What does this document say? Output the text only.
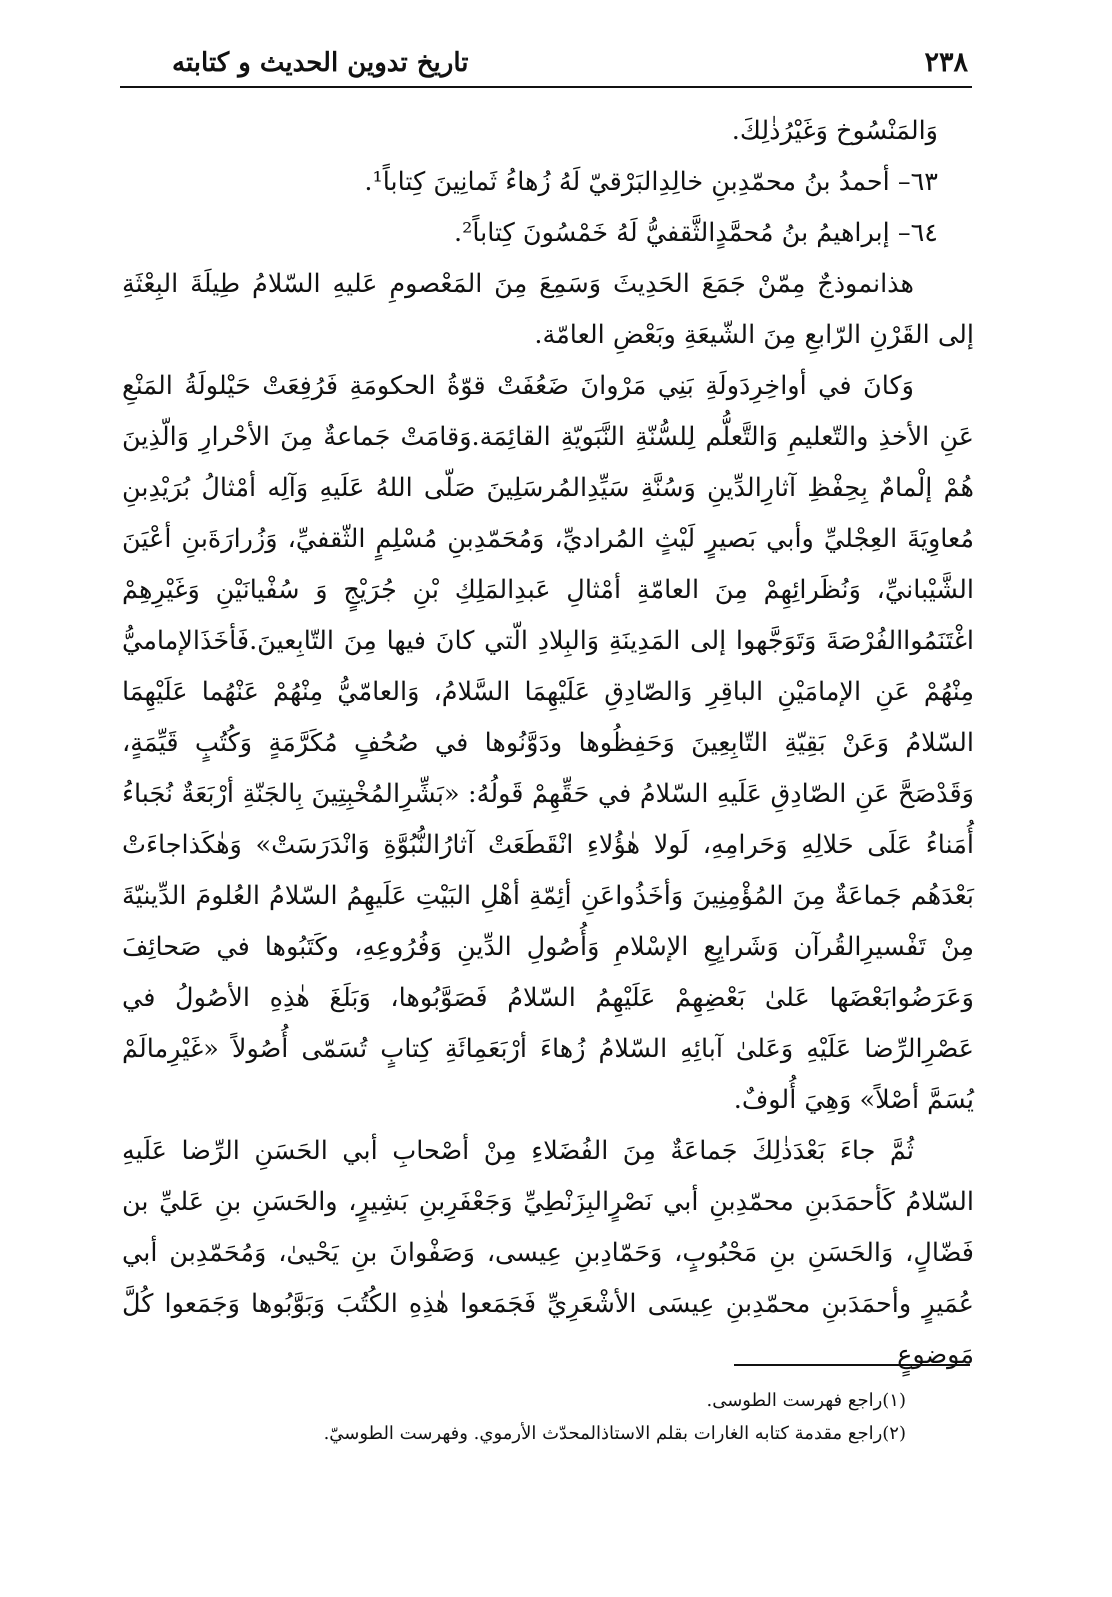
٢٣٨
تاريخ تدوين الحديث و كتابته

وَالمَنْسُوخ وَغَيْرُذٰلِكَ.

٦٣– أحمدُ بنُ محمّدِبنِ خالِدِالبَرْقيّ لَهُ زُهاءُ ثَمانِينَ كِتاباً¹.

٦٤– إبراهيمُ بنُ مُحمَّدٍالثَّقفيُّ لَهُ خَمْسُونَ كِتاباً².

هذانموذجٌ مِمّنْ جَمَعَ الحَدِيثَ وَسَمِعَ مِنَ المَعْصومِ عَليهِ السّلامُ طِيلَةَ البِعْثَةِ إلى القَرْنِ الرّابعِ مِنَ الشّيعَةِ وبَعْضِ العامّة.

وَكانَ في أواخِرِدَولَةِ بَنِي مَرْوانَ ضَعُفَتْ قوّةُ الحكومَةِ فَرُفِعَتْ حَيْلولَةُ المَنْعِ عَنِ الأخذِ والتّعليمِ وَالتَّعلُّم لِلسُّنّةِ النَّبَويّةِ القائِمَة.وَقامَتْ جَماعةٌ مِنَ الأحْرارِ وَالّذِينَ هُمْ إلْمامٌ بِحِفْظِ آثارِالدِّينِ وَسُنَّةِ سَيِّدِالمُرسَلِينَ صَلّى اللهُ عَلَيهِ وَآلِه أمْثالُ بُرَيْدِبنِ مُعاوِيَةَ العِجْليِّ وأبي بَصيرٍ لَيْثٍ المُراديِّ، وَمُحَمّدِبنِ مُسْلِمٍ الثّقفيِّ، وَزُرارَةَبنِ أعْيَنَ الشَّيْبانيِّ، وَنُظَرائِهِمْ مِنَ العامّةِ أمْثالِ عَبدِالمَلِكِ بْنِ جُرَيْجٍ وَ سُفْيانَيْنِ وَغَيْرِهِمْ اغْتَنَمُواالفُرْصَةَ وَتَوَجَّهوا إلى المَدِينَةِ وَالبِلادِ الّتي كانَ فيها مِنَ التّابِعينَ.فَأخَذَالإماميُّ مِنْهُمْ عَنِ الإمامَيْنِ الباقِرِ وَالصّادِقِ عَلَيْهِمَا السَّلامُ، وَالعامّيُّ مِنْهُمْ عَنْهُما عَلَيْهِمَا السّلامُ وَعَنْ بَقِيّةِ التّابِعِينَ وَحَفِظُوها ودَوَّنُوها في صُحُفٍ مُكَرَّمَةٍ وَكُتُبٍ قَيِّمَةٍ، وَقَدْصَحَّ عَنِ الصّادِقِ عَلَيهِ السّلامُ في حَقِّهِمْ قَولُهُ: «بَشِّرِالمُخْبِتِينَ بِالجَنّةِ أرْبَعَةٌ نُجَباءُ أُمَناءُ عَلَى حَلالِهِ وَحَرامِهِ، لَولا هٰؤُلاءِ انْقَطَعَتْ آثارُالنُّبُوَّةِ وَانْدَرَسَتْ» وَهٰكَذاجاءَتْ بَعْدَهُم جَماعَةٌ مِنَ المُؤْمِنِينَ وَأخَذُواعَنِ أئِمّةِ أهْلِ البَيْتِ عَلَيهِمُ السّلامُ العُلومَ الدِّينيّةَ مِنْ تَفْسيرِالقُرآن وَشَرايِعِ الإسْلامِ وَأُصُولِ الدِّينِ وَفُرُوعِهِ، وكَتَبُوها في صَحائِفَ وَعَرَضُوابَعْضَها عَلىٰ بَعْضِهِمْ عَلَيْهِمُ السّلامُ فَصَوَّبُوها، وَبَلَغَ هٰذِهِ الأصُولُ في عَصْرِالرِّضا عَلَيْهِ وَعَلىٰ آبائِهِ السّلامُ زُهاءَ أرْبَعَمِائَةِ كِتابٍ تُسَمّى أُصُولاً «غَيْرِمالَمْ يُسَمَّ أصْلاً» وَهِيَ أُلوفٌ.

ثُمَّ جاءَ بَعْدَذٰلِكَ جَماعَةٌ مِنَ الفُضَلاءِ مِنْ أصْحابِ أبي الحَسَنِ الرِّضا عَلَيهِ السّلامُ كَأحمَدَبنِ محمّدِبنِ أبي نَصْرٍالبِزَنْطِيِّ وَجَعْفَرِبنِ بَشِيرٍ، والحَسَنِ بنِ عَليِّ بن فَضّالٍ، وَالحَسَنِ بنِ مَحْبُوبٍ، وَحَمّادِبنِ عِيسى، وَصَفْوانَ بنِ يَحْيىٰ، وَمُحَمّدِبن أبي عُمَيرٍ وأحمَدَبنِ محمّدِبنِ عِيسَى الأشْعَرِيِّ فَجَمَعوا هٰذِهِ الكُتُبَ وَبَوَّبُوها وَجَمَعوا كُلَّ مَوضوعٍ

(١)راجع فهرست الطوسى.

(٢)راجع مقدمة كتابه الغارات بقلم الاستاذالمحدّث الأرموي. وفهرست الطوسيّ.
